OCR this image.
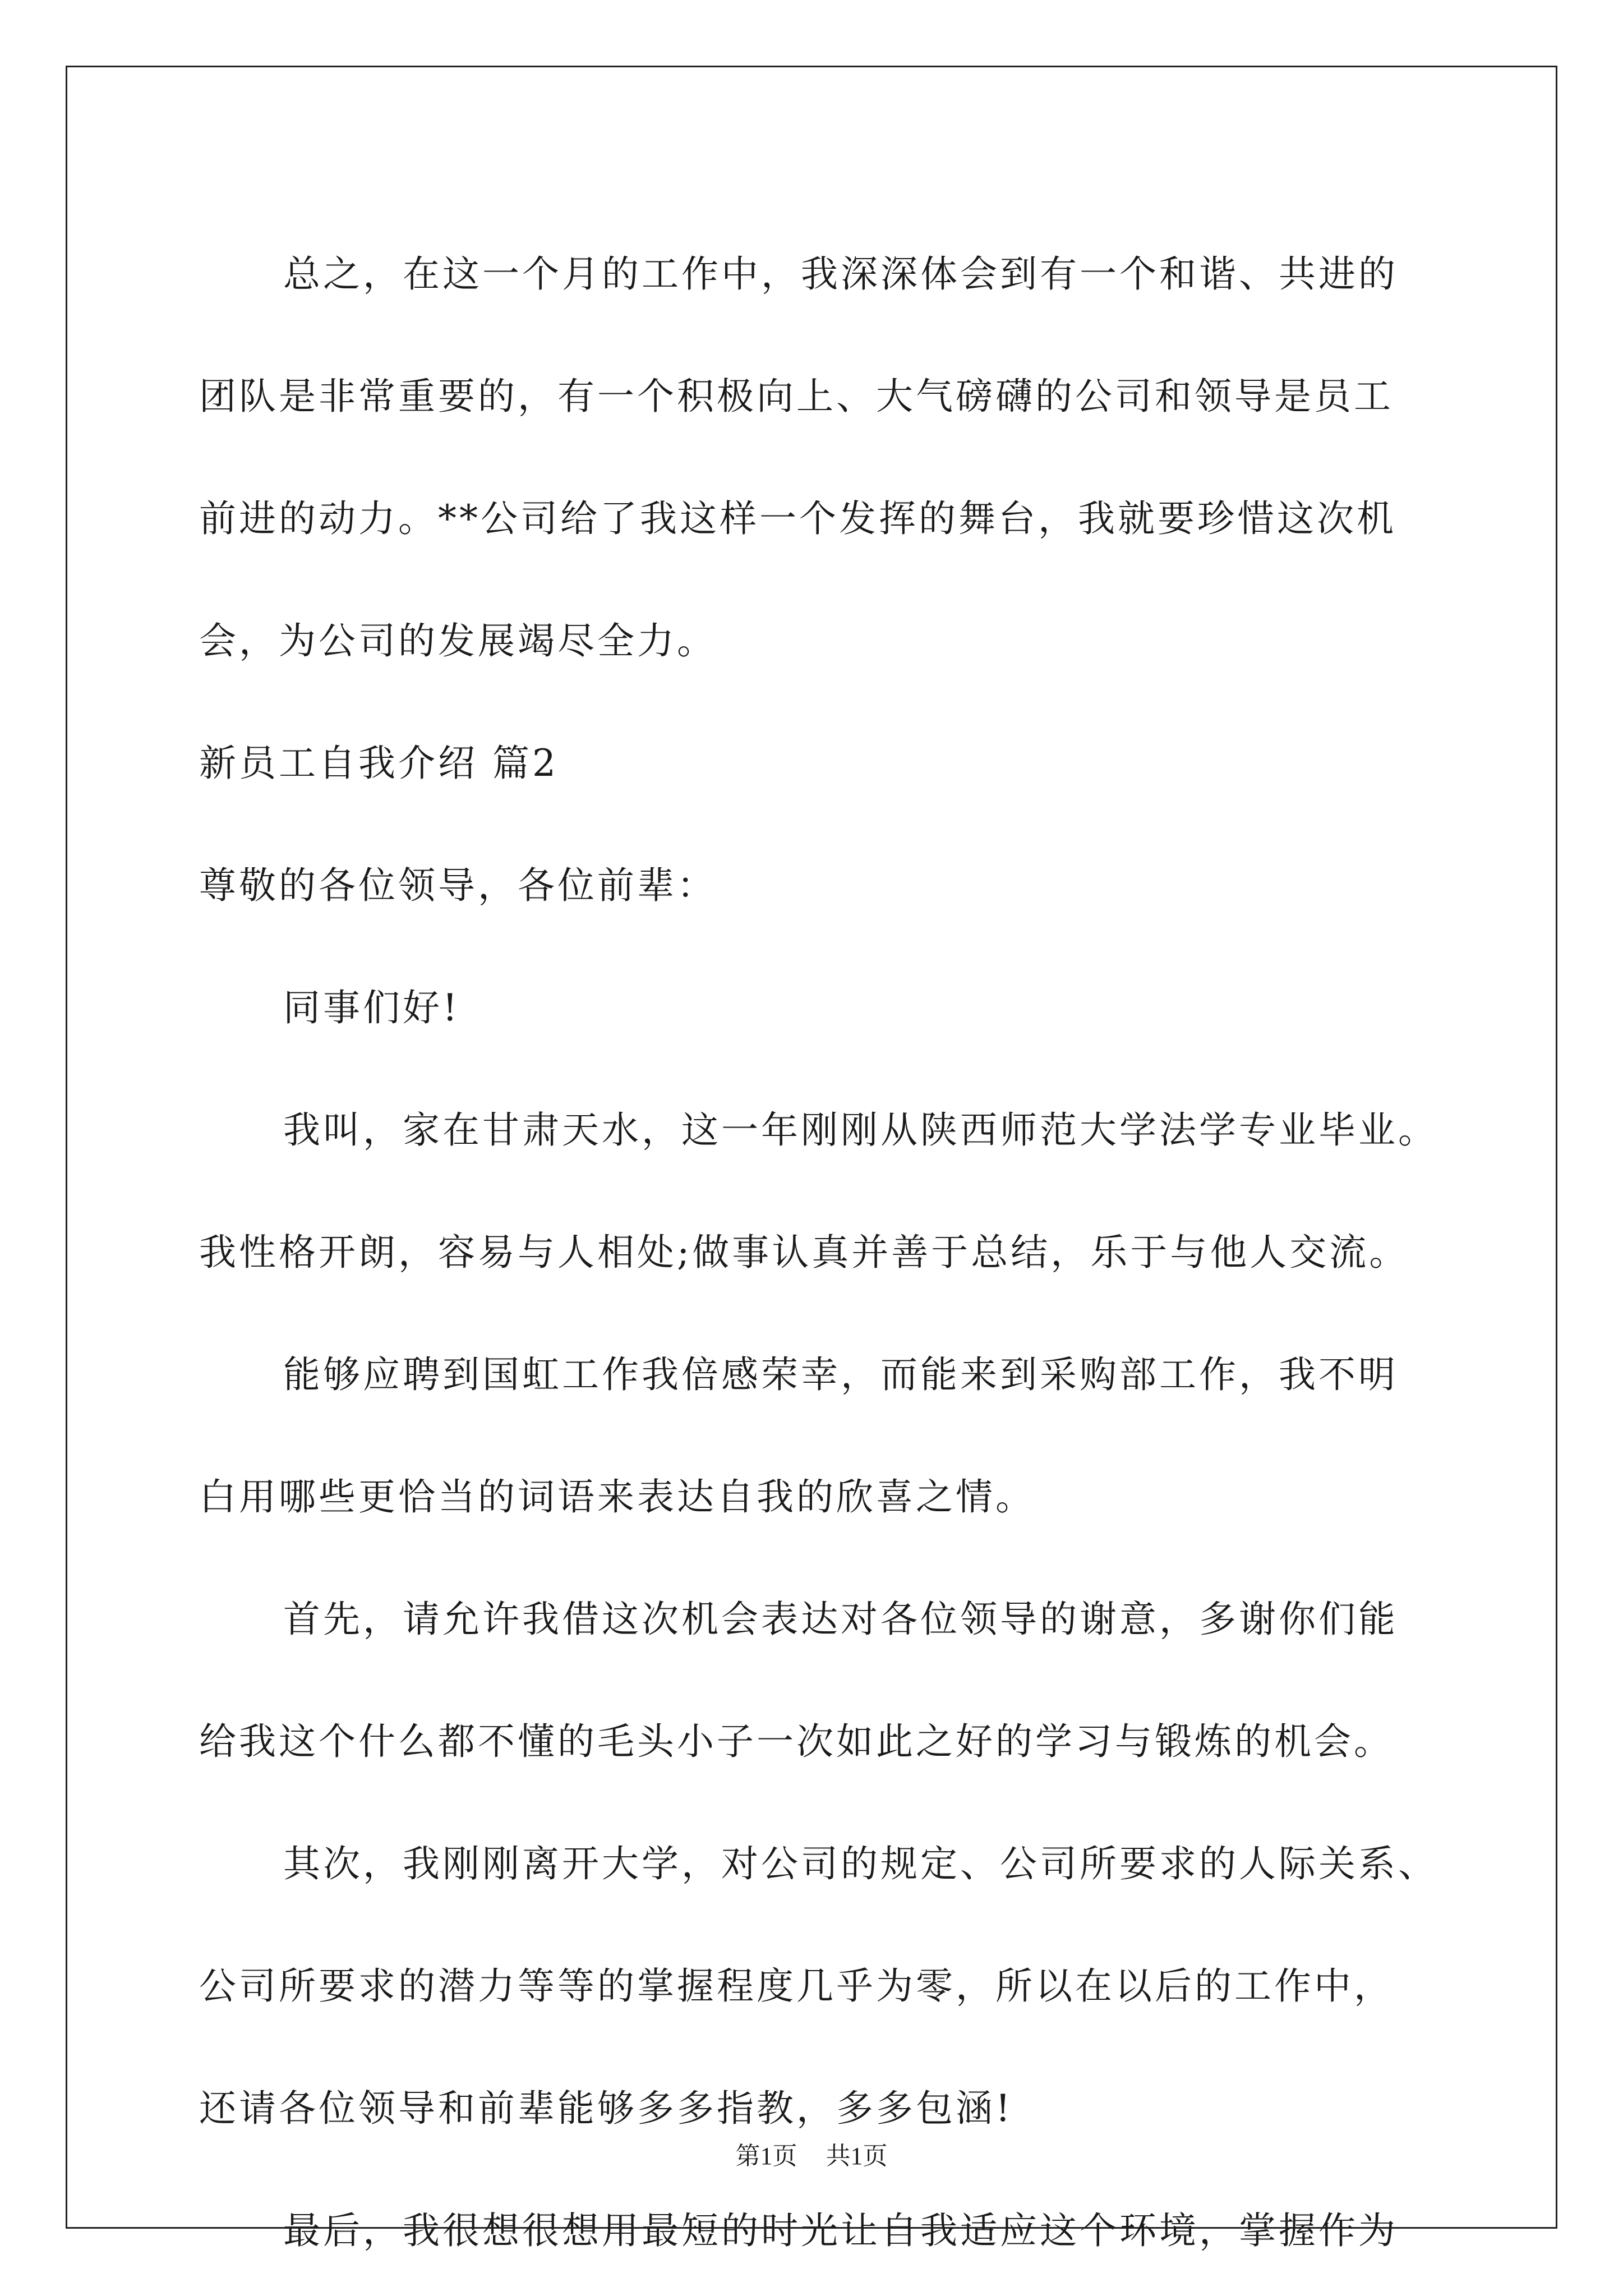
总之，在这一个月的工作中，我深深体会到有一个和谐、共进的
团队是非常重要的，有一个积极向上、大气磅礴的公司和领导是员工
前进的动力。**公司给了我这样一个发挥的舞台，我就要珍惜这次机
会，为公司的发展竭尽全力。
新员工自我介绍 篇2
尊敬的各位领导，各位前辈：
同事们好!
我叫，家在甘肃天水，这一年刚刚从陕西师范大学法学专业毕业。
我性格开朗，容易与人相处;做事认真并善于总结，乐于与他人交流。
能够应聘到国虹工作我倍感荣幸，而能来到采购部工作，我不明
白用哪些更恰当的词语来表达自我的欣喜之情。
首先，请允许我借这次机会表达对各位领导的谢意，多谢你们能
给我这个什么都不懂的毛头小子一次如此之好的学习与锻炼的机会。
其次，我刚刚离开大学，对公司的规定、公司所要求的人际关系、
公司所要求的潜力等等的掌握程度几乎为零，所以在以后的工作中，
还请各位领导和前辈能够多多指教，多多包涵!
最后，我很想很想用最短的时光让自我适应这个环境，掌握作为
第1页 共1页
